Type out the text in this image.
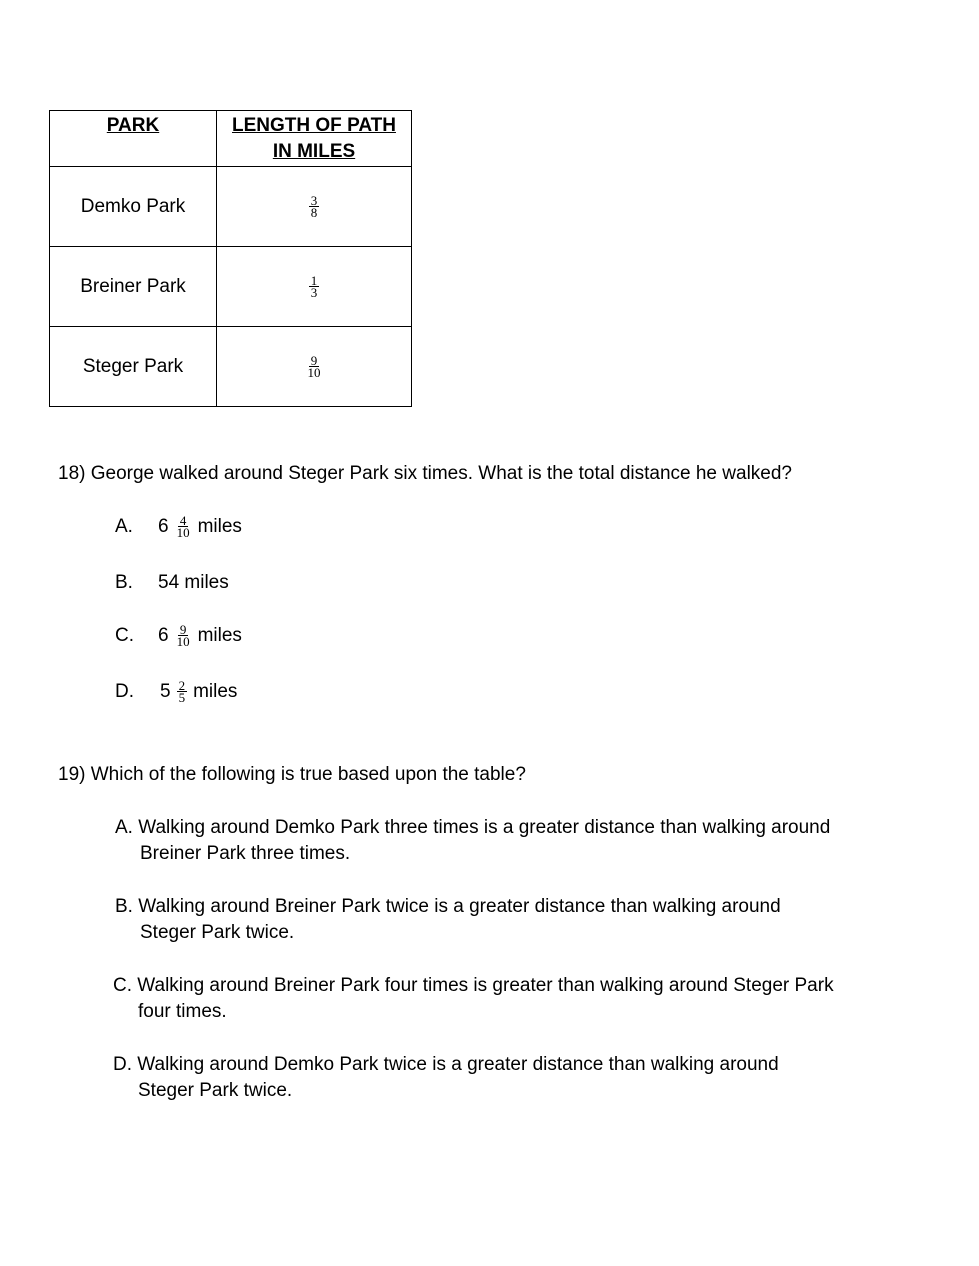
PARK	LENGTH OF PATH
IN MILES
Demko Park	$\frac{3}{8}$

Breiner Park	$\frac{1}{3}$

Steger Park	$\frac{9}{10}$
18) George walked around Steger Park six times. What is the total distance he walked?
A. $6 \frac{4}{10}$ miles
B. 54 miles
C. $6 \frac{9}{10}$ miles
D. $5 \frac{2}{5}$ miles
19) Which of the following is true based upon the table?
A. Walking around Demko Park three times is a greater distance than walking around
Breiner Park three times.
B. Walking around Breiner Park twice is a greater distance than walking around
Steger Park twice.
C. Walking around Breiner Park four times is greater than walking around Steger Park
four times.
D. Walking around Demko Park twice is a greater distance than walking around
Steger Park twice.
